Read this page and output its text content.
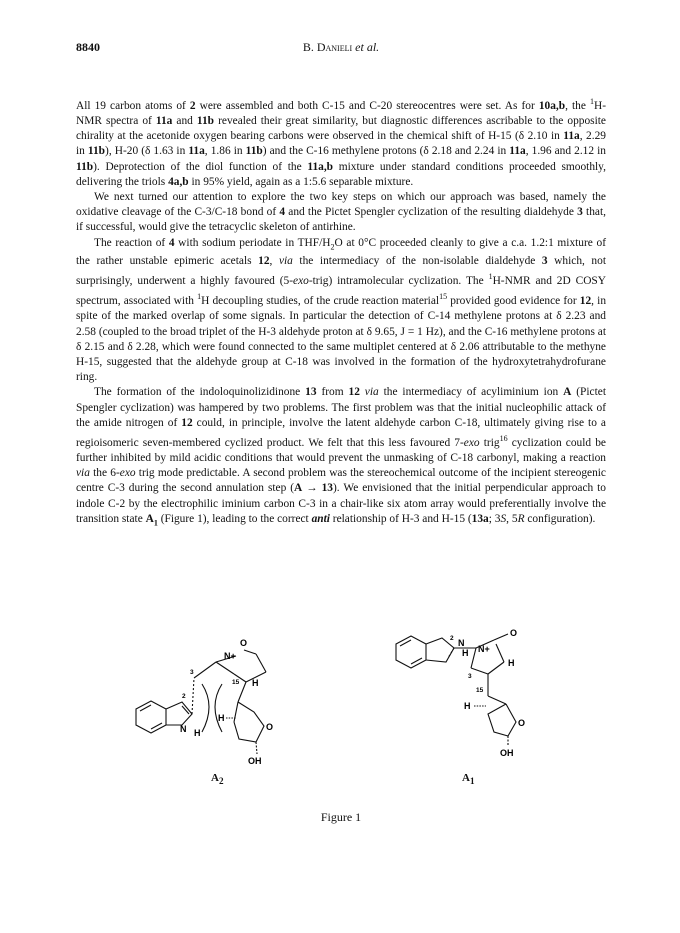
8840	B. Danieli et al.

All 19 carbon atoms of 2 were assembled and both C-15 and C-20 stereocentres were set. As for 10a,b, the $^1$H-NMR spectra of 11a and 11b revealed their great similarity, but diagnostic differences ascribable to the opposite chirality at the acetonide oxygen bearing carbons were observed in the chemical shift of H-15 (δ 2.10 in 11a, 2.29 in 11b), H-20 (δ 1.63 in 11a, 1.86 in 11b) and the C-16 methylene protons (δ 2.18 and 2.24 in 11a, 1.96 and 2.12 in 11b). Deprotection of the diol function of the 11a,b mixture under standard conditions proceeded smoothly, delivering the triols 4a,b in 95% yield, again as a 1:5.6 separable mixture.

We next turned our attention to explore the two key steps on which our approach was based, namely the oxidative cleavage of the C-3/C-18 bond of 4 and the Pictet Spengler cyclization of the resulting dialdehyde 3 that, if successful, would give the tetracyclic skeleton of antirhine.

The reaction of 4 with sodium periodate in THF/$H_2O$ at 0°C proceeded cleanly to give a c.a. 1.2:1 mixture of the rather unstable epimeric acetals 12, via the intermediacy of the non-isolable dialdehyde 3 which, not surprisingly, underwent a highly favoured (5-exo-trig) intramolecular cyclization. The $^1$H-NMR and 2D COSY spectrum, associated with $^1$H decoupling studies, of the crude reaction material$^{15}$ provided good evidence for 12, in spite of the marked overlap of some signals. In particular the detection of C-14 methylene protons at δ 2.23 and 2.58 (coupled to the broad triplet of the H-3 aldehyde proton at δ 9.65, J = 1 Hz), and the C-16 methylene protons at δ 2.15 and δ 2.28, which were found connected to the same multiplet centered at δ 2.06 attributable to the methyne H-15, suggested that the aldehyde group at C-18 was involved in the formation of the hydroxytetrahydrofurane ring.

The formation of the indoloquinolizidinone 13 from 12 via the intermediacy of acyliminium ion A (Pictet Spengler cyclization) was hampered by two problems. The first problem was that the initial nucleophilic attack of the amide nitrogen of 12 could, in principle, involve the latent aldehyde carbon C-18, ultimately giving rise to a regioisomeric seven-membered cyclized product. We felt that this less favoured 7-exo trig$^{16}$ cyclization could be further inhibited by mild acidic conditions that would prevent the unmasking of C-18 carbonyl, making a reaction via the 6-exo trig mode predictable. A second problem was the stereochemical outcome of the incipient stereogenic centre C-3 during the second annulation step (A → 13). We envisioned that the initial perpendicular approach to indole C-2 by the electrophilic iminium carbon C-3 in a chair-like six atom array would preferentially involve the transition state $A_1$ (Figure 1), leading to the correct anti relationship of H-3 and H-15 (13a; 3S, 5R configuration).

N+
O
3
15 H
2
N H
H
O
OH
N
H
2
N+
O
3
15
H
H
O
OH
$A_2$	$A_1$
Figure 1
